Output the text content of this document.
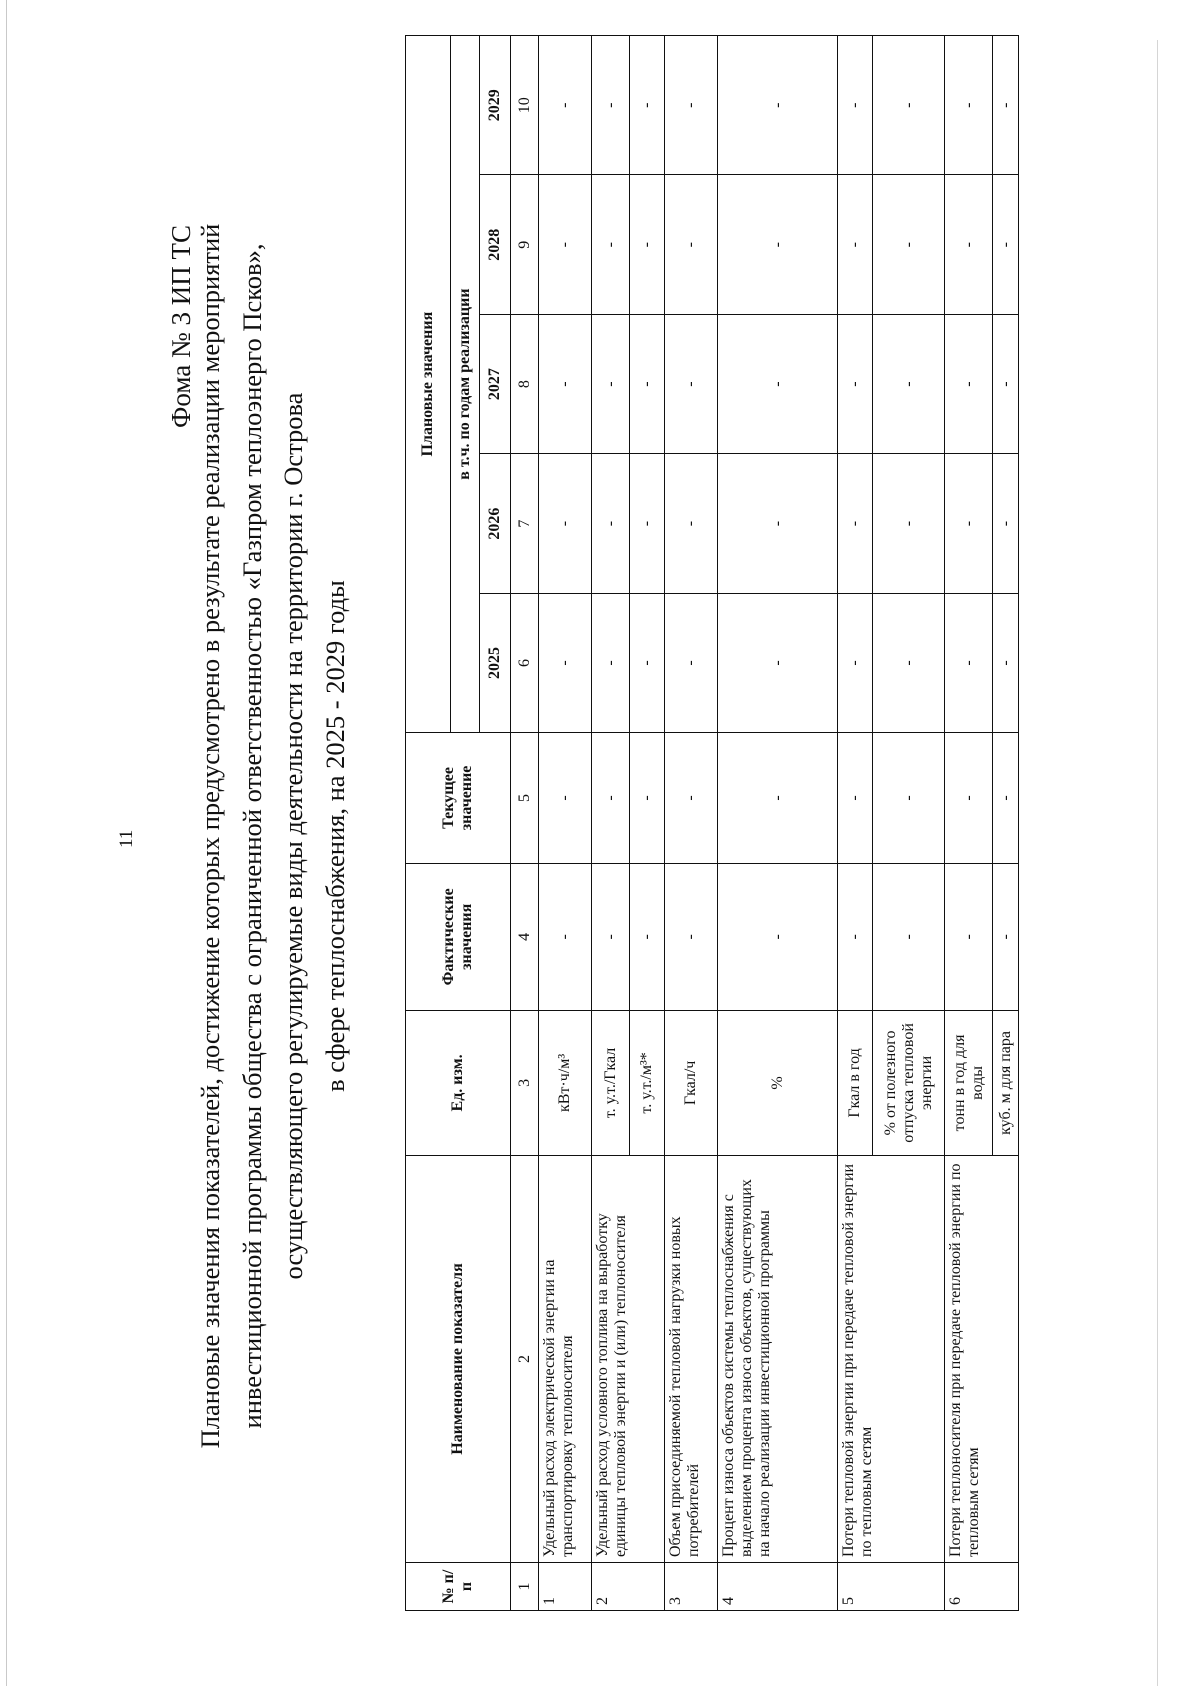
11
Фома № 3 ИП ТС Плановые значения показателей, достижение которых предусмотрено в результате реализации мероприятий инвестиционной программы общества с ограниченной ответственностью «Газпром теплоэнерго Псков», осуществляющего регулируемые виды деятельности на территории г. Острова в сфере теплоснабжения, на 2025 - 2029 годы
№ п/п	Наименование показателя	Ед. изм.	Фактические значения	Текущее значение	Плановые значения				
					в т.ч. по годам реализации				
					2025	2026	2027	2028	2029
1	2	3	4	5	6	7	8	9	10
1	Удельный расход электрической энергии на транспортировку теплоносителя	кВт·ч/м³	-	-	-	-	-	-	-
2	Удельный расход условного топлива на выработку единицы тепловой энергии и (или) теплоносителя	т. у.т./Гкал	-	-	-	-	-	-	-
		т. у.т./м³*	-	-	-	-	-	-	-
3	Объем присоединяемой тепловой нагрузки новых потребителей	Гкал/ч	-	-	-	-	-	-	-
4	Процент износа объектов системы теплоснабжения с выделением процента износа объектов, существующих на начало реализации инвестиционной программы	%	-	-	-	-	-	-	-
5	Потери тепловой энергии при передаче тепловой энергии по тепловым сетям	Гкал в год	-	-	-	-	-	-	-
		% от полезного отпуска тепловой энергии	-	-	-	-	-	-	-
6	Потери теплоносителя при передаче тепловой энергии по тепловым сетям	тонн в год для воды	-	-	-	-	-	-	-
		куб. м для пара	-	-	-	-	-	-	-
